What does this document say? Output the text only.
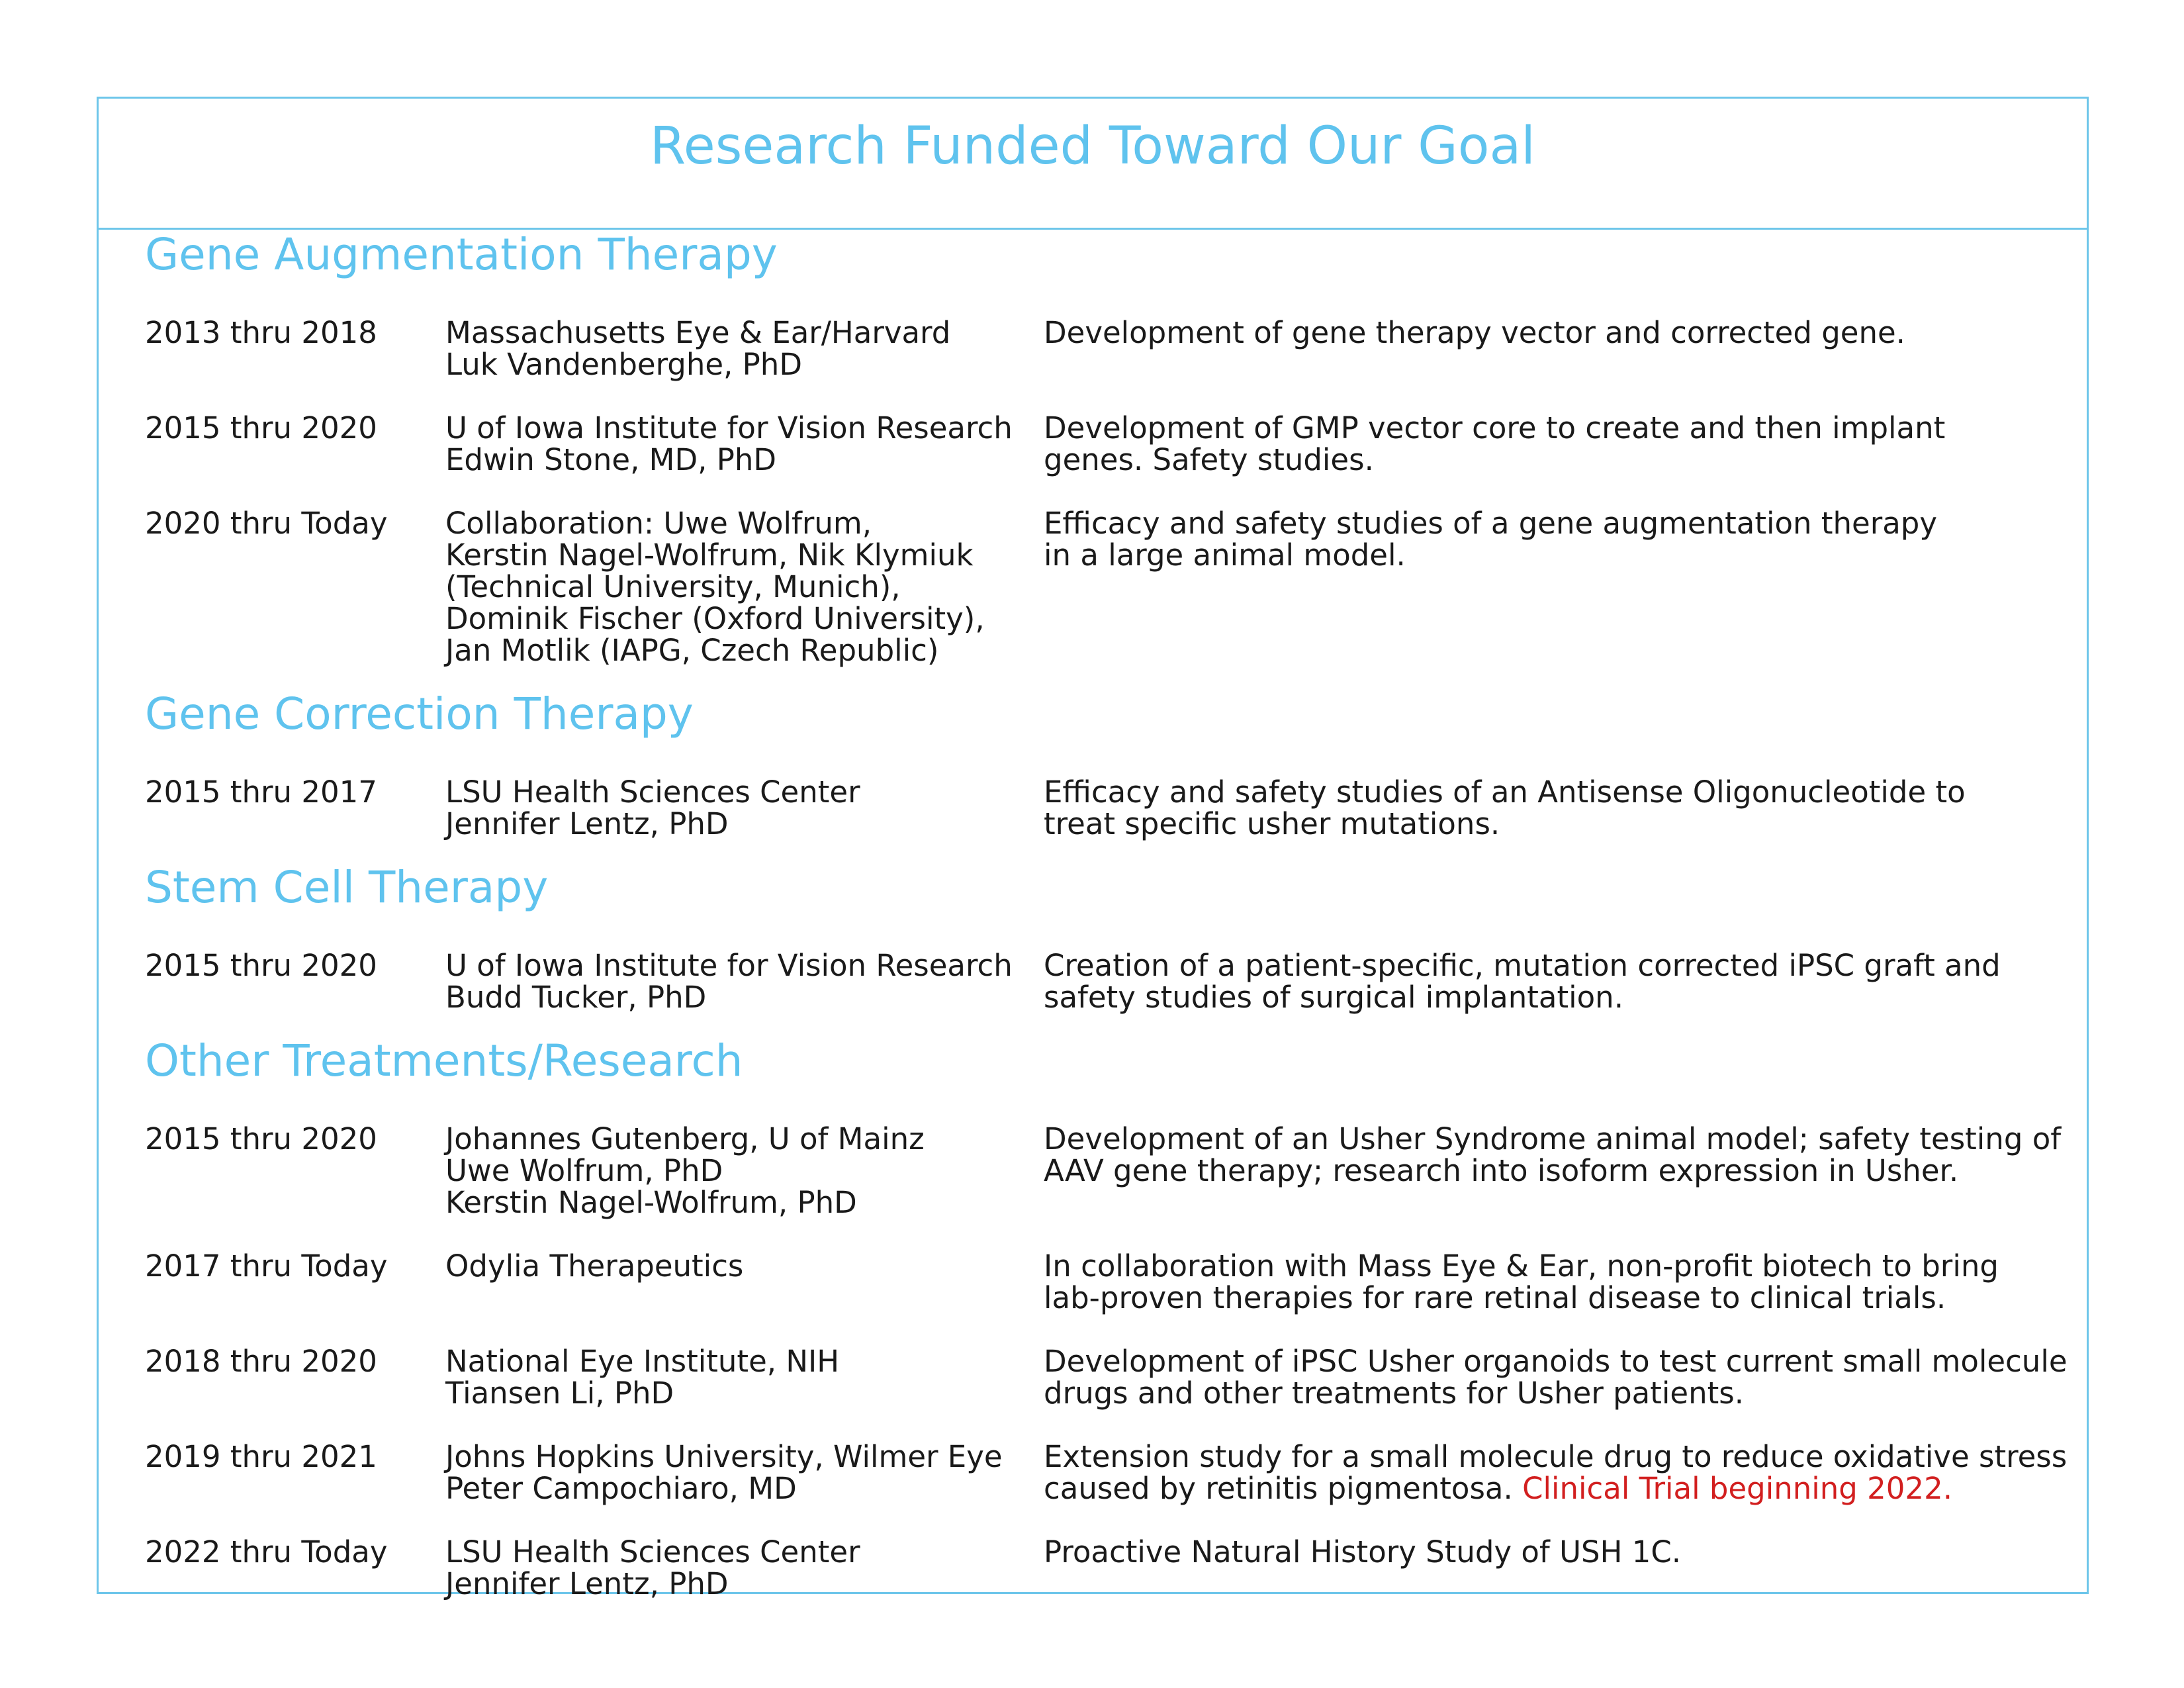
Research Funded Toward Our Goal
Gene Augmentation Therapy
2013 thru 2018 Massachusetts Eye & Ear/Harvard
Luk Vandenberghe, PhD
Development of gene therapy vector and corrected gene.
2015 thru 2020 U of Iowa Institute for Vision Research
Edwin Stone, MD, PhD
Development of GMP vector core to create and then implant
genes. Safety studies.
2020 thru Today Collaboration: Uwe Wolfrum,
Kerstin Nagel-Wolfrum, Nik Klymiuk
(Technical University, Munich),
Dominik Fischer (Oxford University),
Jan Motlik (IAPG, Czech Republic)
Efficacy and safety studies of a gene augmentation therapy
in a large animal model.
Gene Correction Therapy
2015 thru 2017 LSU Health Sciences Center
Jennifer Lentz, PhD
Efficacy and safety studies of an Antisense Oligonucleotide to
treat specific usher mutations.
Stem Cell Therapy
2015 thru 2020 U of Iowa Institute for Vision Research
Budd Tucker, PhD
Creation of a patient-specific, mutation corrected iPSC graft and
safety studies of surgical implantation.
Other Treatments/Research
2015 thru 2020 Johannes Gutenberg, U of Mainz
Uwe Wolfrum, PhD
Kerstin Nagel-Wolfrum, PhD
Development of an Usher Syndrome animal model; safety testing of
AAV gene therapy; research into isoform expression in Usher.
2017 thru Today Odylia Therapeutics	In collaboration with Mass Eye & Ear, non-profit biotech to bring
lab-proven therapies for rare retinal disease to clinical trials.
2018 thru 2020 National Eye Institute, NIH
Tiansen Li, PhD
Development of iPSC Usher organoids to test current small molecule
drugs and other treatments for Usher patients.
2019 thru 2021 Johns Hopkins University, Wilmer Eye
Peter Campochiaro, MD
Extension study for a small molecule drug to reduce oxidative stress
caused by retinitis pigmentosa. Clinical Trial beginning 2022.
2022 thru Today LSU Health Sciences Center
Jennifer Lentz, PhD
Proactive Natural History Study of USH 1C.
